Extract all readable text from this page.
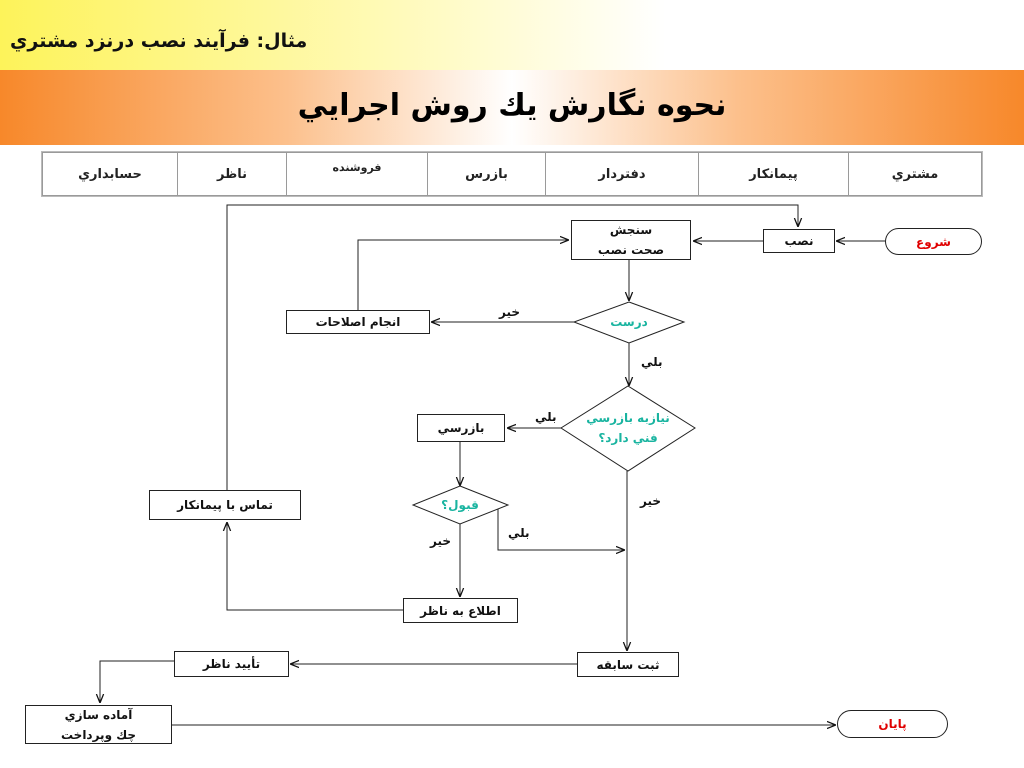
مثال: فرآيند نصب درنزد مشتري
نحوه نگارش يك روش اجرايي
حسابداري	ناظر	فروشنده	بازرس	دفتردار	پيمانكار	مشتري
شروع
پايان
نصب
سنجش
صحت نصب
انجام اصلاحات
بازرسي
تماس با پيمانكار
اطلاع به ناظر
ثبت سابقه
تأييد ناظر
آماده سازي
چك وپرداخت
درست
نيازبه بازرسي
فني دارد؟
قبول؟
خير
بلي
بلي
خير
خير
بلي
